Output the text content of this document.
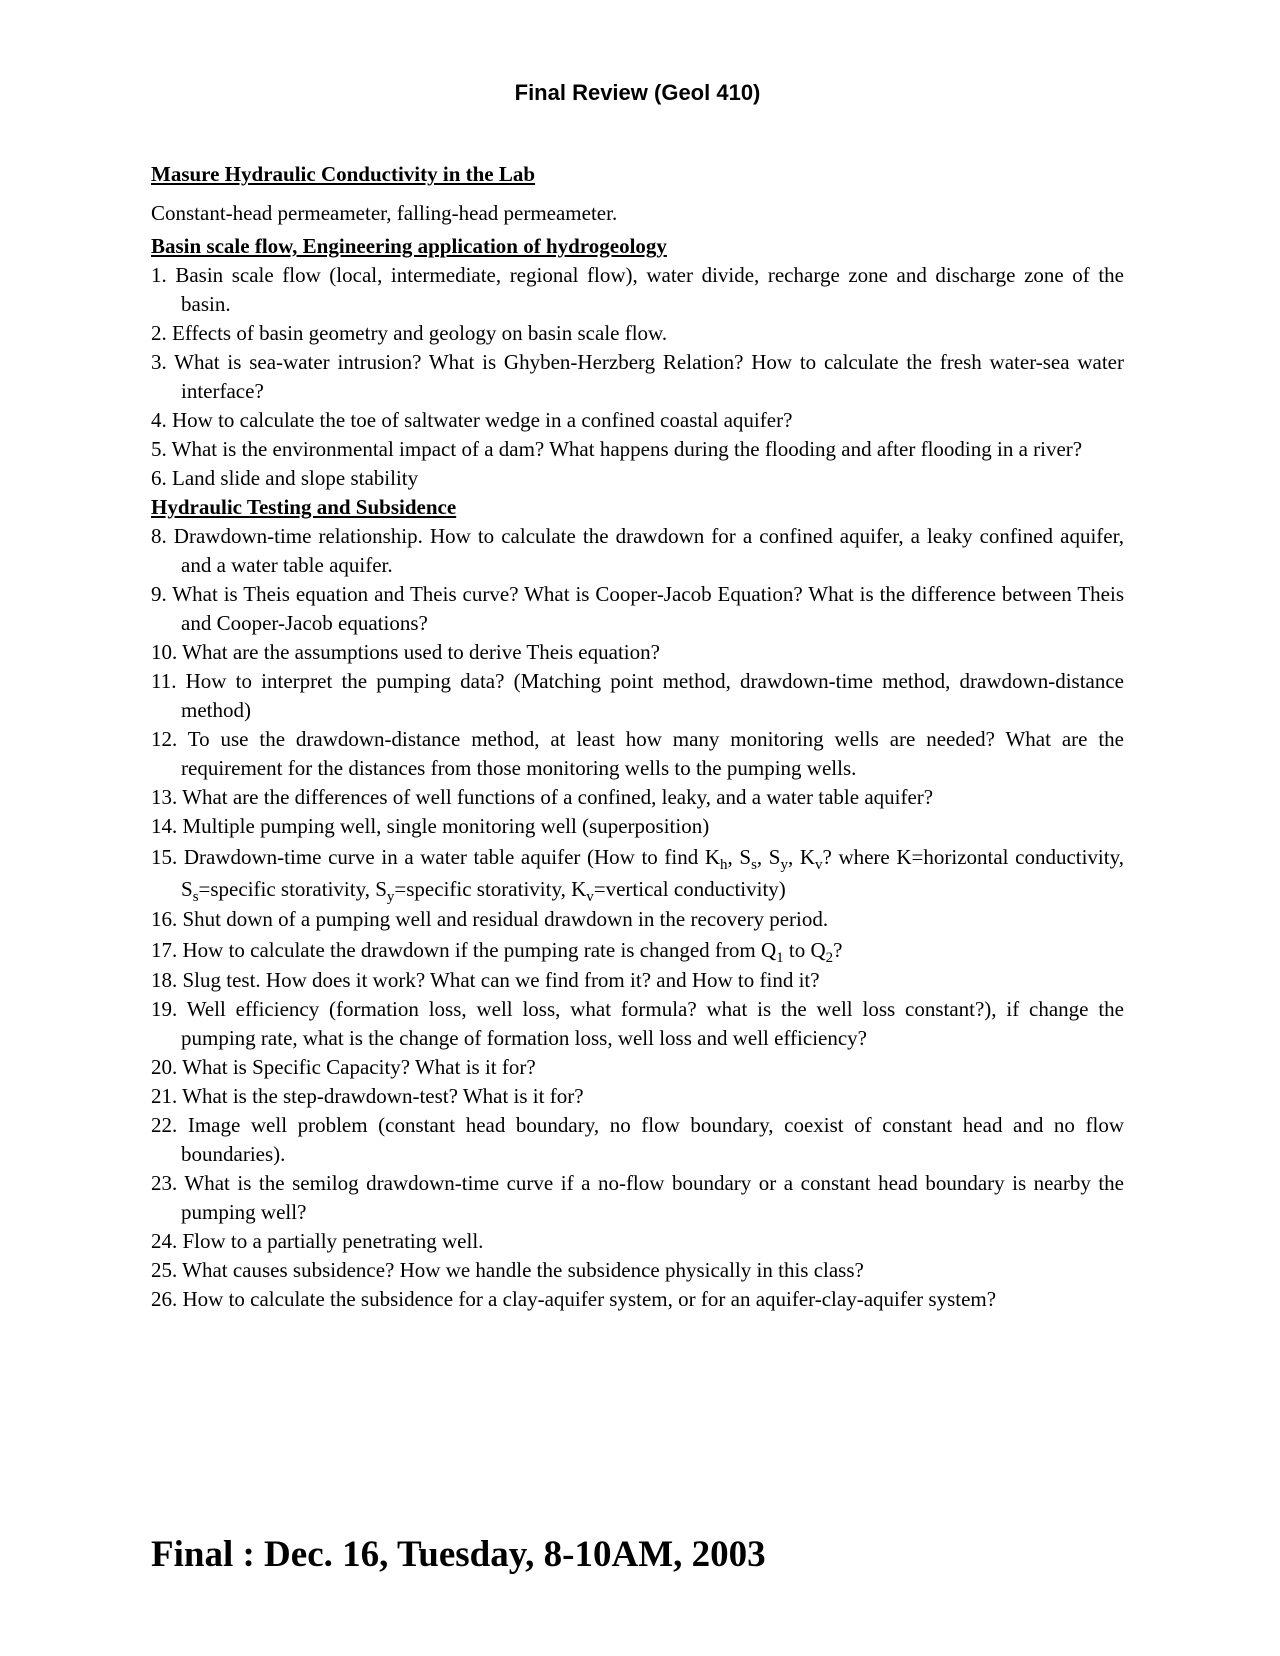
Final Review (Geol 410)

Masure Hydraulic Conductivity in the Lab

Constant-head permeameter, falling-head permeameter.

Basin scale flow, Engineering application of hydrogeology

1. Basin scale flow (local, intermediate, regional flow), water divide, recharge zone and discharge zone of the basin.
2. Effects of basin geometry and geology on basin scale flow.
3. What is sea-water intrusion? What is Ghyben-Herzberg Relation? How to calculate the fresh water-sea water interface?
4. How to calculate the toe of saltwater wedge in a confined coastal aquifer?
5. What is the environmental impact of a dam? What happens during the flooding and after flooding in a river?
6. Land slide and slope stability

Hydraulic Testing and Subsidence

8. Drawdown-time relationship. How to calculate the drawdown for a confined aquifer, a leaky confined aquifer, and a water table aquifer.
9. What is Theis equation and Theis curve? What is Cooper-Jacob Equation? What is the difference between Theis and Cooper-Jacob equations?
10. What are the assumptions used to derive Theis equation?
11. How to interpret the pumping data? (Matching point method, drawdown-time method, drawdown-distance method)
12. To use the drawdown-distance method, at least how many monitoring wells are needed? What are the requirement for the distances from those monitoring wells to the pumping wells.
13. What are the differences of well functions of a confined, leaky, and a water table aquifer?
14. Multiple pumping well, single monitoring well (superposition)
15. Drawdown-time curve in a water table aquifer (How to find $K_h$, $S_s$, $S_y$, $K_v$? where K=horizontal conductivity, $S_s=specific$ storativity, $S_y=specific$ storativity, $K_v=vertical$ conductivity)
16. Shut down of a pumping well and residual drawdown in the recovery period.
17. How to calculate the drawdown if the pumping rate is changed from $Q_1$ to $Q_2$?
18. Slug test. How does it work? What can we find from it? and How to find it?
19. Well efficiency (formation loss, well loss, what formula? what is the well loss constant?), if change the pumping rate, what is the change of formation loss, well loss and well efficiency?
20. What is Specific Capacity? What is it for?
21. What is the step-drawdown-test? What is it for?
22. Image well problem (constant head boundary, no flow boundary, coexist of constant head and no flow boundaries).
23. What is the semilog drawdown-time curve if a no-flow boundary or a constant head boundary is nearby the pumping well?
24. Flow to a partially penetrating well.
25. What causes subsidence? How we handle the subsidence physically in this class?
26. How to calculate the subsidence for a clay-aquifer system, or for an aquifer-clay-aquifer system?
Final : Dec. 16, Tuesday, 8-10AM, 2003
